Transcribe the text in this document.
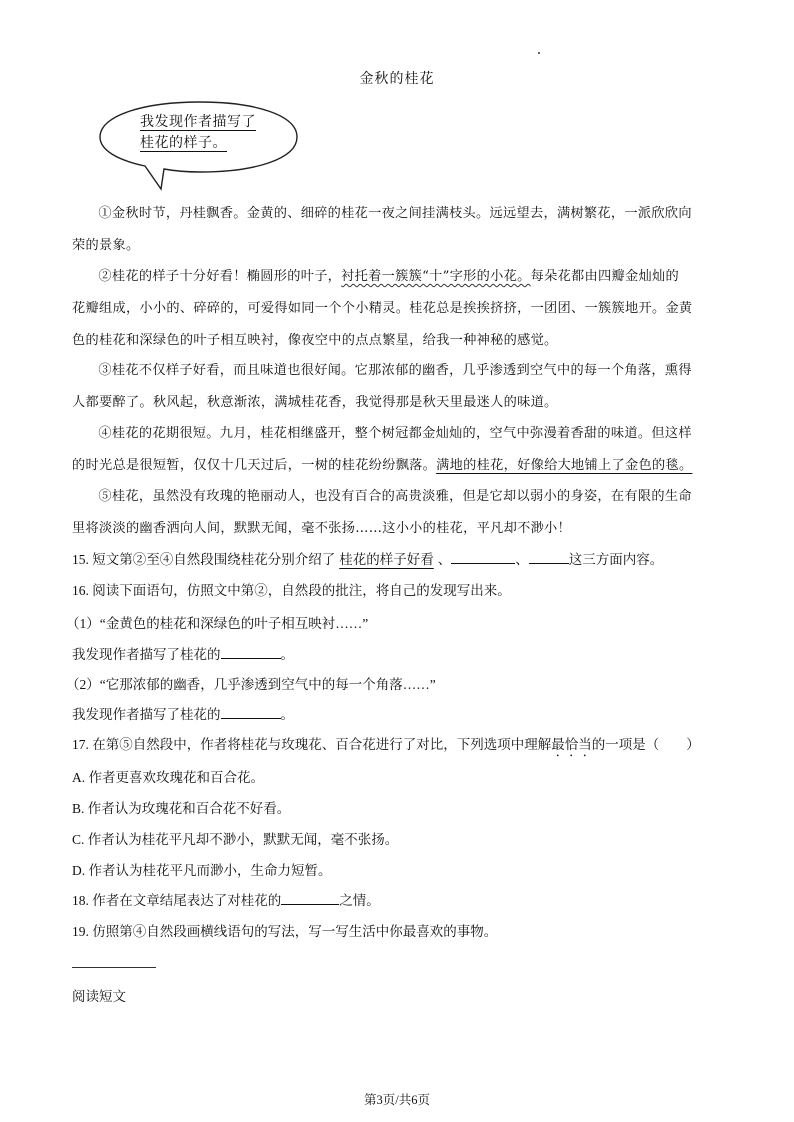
金秋的桂花
我发现作者描写了
桂花的样子。
①金秋时节，丹桂飘香。金黄的、细碎的桂花一夜之间挂满枝头。远远望去，满树繁花，一派欣欣向
荣的景象。
②桂花的样子十分好看！椭圆形的叶子，衬托着一簇簇“十”字形的小花。每朵花都由四瓣金灿灿的
花瓣组成，小小的、碎碎的，可爱得如同一个个小精灵。桂花总是挨挨挤挤，一团团、一簇簇地开。金黄
色的桂花和深绿色的叶子相互映衬，像夜空中的点点繁星，给我一种神秘的感觉。
③桂花不仅样子好看，而且味道也很好闻。它那浓郁的幽香，几乎渗透到空气中的每一个角落，熏得
人都要醉了。秋风起，秋意渐浓，满城桂花香，我觉得那是秋天里最迷人的味道。
④桂花的花期很短。九月，桂花相继盛开，整个树冠都金灿灿的，空气中弥漫着香甜的味道。但这样
的时光总是很短暂，仅仅十几天过后，一树的桂花纷纷飘落。满地的桂花，好像给大地铺上了金色的毯。
⑤桂花，虽然没有玫瑰的艳丽动人，也没有百合的高贵淡雅，但是它却以弱小的身姿，在有限的生命
里将淡淡的幽香洒向人间，默默无闻，毫不张扬……这小小的桂花，平凡却不渺小！
15. 短文第②至④自然段围绕桂花分别介绍了 桂花的样子好看 、	、	这三方面内容。
16. 阅读下面语句，仿照文中第②，自然段的批注，将自己的发现写出来。
（1）“金黄色的桂花和深绿色的叶子相互映衬……”
我发现作者描写了桂花的	。
（2）“它那浓郁的幽香，几乎渗透到空气中的每一个角落……”
我发现作者描写了桂花的	。
17. 在第⑤自然段中，作者将桂花与玫瑰花、百合花进行了对比，下列选项中理解最恰当的一项是（　　）
A. 作者更喜欢玫瑰花和百合花。
B. 作者认为玫瑰花和百合花不好看。
C. 作者认为桂花平凡却不渺小，默默无闻，毫不张扬。
D. 作者认为桂花平凡而渺小，生命力短暂。
18. 作者在文章结尾表达了对桂花的	之情。
19. 仿照第④自然段画横线语句的写法，写一写生活中你最喜欢的事物。
阅读短文
第3页/共6页
